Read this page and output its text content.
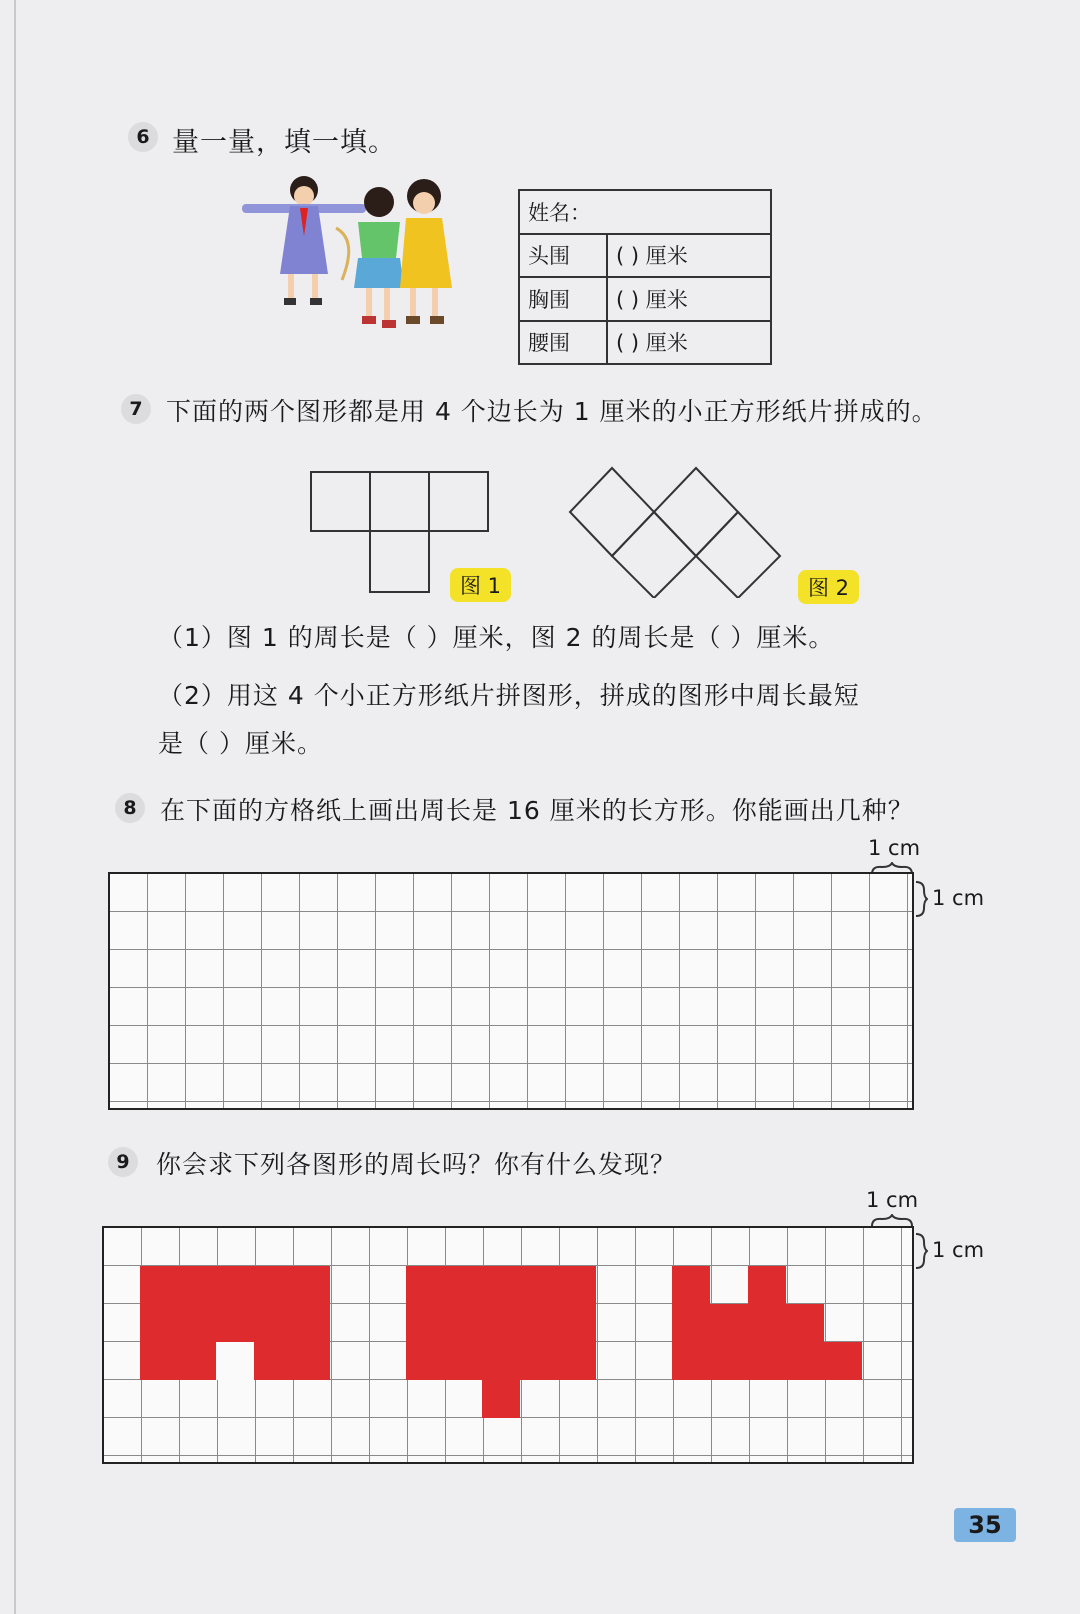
6 量一量，填一填。
姓名：	
头围	( ) 厘米
胸围	( ) 厘米
腰围	( ) 厘米
7 下面的两个图形都是用 4 个边长为 1 厘米的小正方形纸片拼成的。
图 1	图 2
（1）图 1 的周长是（ ）厘米，图 2 的周长是（ ）厘米。
（2）用这 4 个小正方形纸片拼图形，拼成的图形中周长最短
是（ ）厘米。
8 在下面的方格纸上画出周长是 16 厘米的长方形。你能画出几种？
1 cm
1 cm
9	你会求下列各图形的周长吗？你有什么发现？
1 cm
1 cm
35
